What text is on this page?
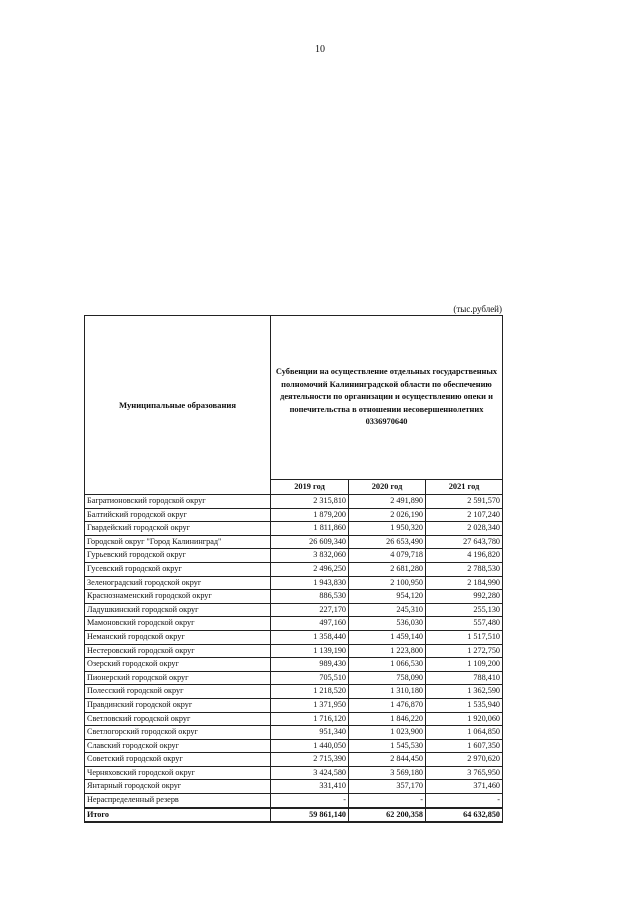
10
(тыс.рублей)
Муниципальные образования	Субвенции на осуществление отдельных государственных полномочий Калининградской области по обеспечению деятельности по организации и осуществлению опеки и попечительства в отношении несовершеннолетних 0336970640		
	2019 год	2020 год	2021 год
Багратионовский городской округ	2 315,810	2 491,890	2 591,570
Балтийский городской округ	1 879,200	2 026,190	2 107,240
Гвардейский городской округ	1 811,860	1 950,320	2 028,340
Городской округ "Город Калининград"	26 609,340	26 653,490	27 643,780
Гурьевский городской округ	3 832,060	4 079,718	4 196,820
Гусевский городской округ	2 496,250	2 681,280	2 788,530
Зеленоградский городской округ	1 943,830	2 100,950	2 184,990
Краснознаменский городской округ	886,530	954,120	992,280
Ладушкинский городской округ	227,170	245,310	255,130
Мамоновский городской округ	497,160	536,030	557,480
Неманский городской округ	1 358,440	1 459,140	1 517,510
Нестеровский городской округ	1 139,190	1 223,800	1 272,750
Озерский городской округ	989,430	1 066,530	1 109,200
Пионерский городской округ	705,510	758,090	788,410
Полесский городской округ	1 218,520	1 310,180	1 362,590
Правдинский городской округ	1 371,950	1 476,870	1 535,940
Светловский городской округ	1 716,120	1 846,220	1 920,060
Светлогорский городской округ	951,340	1 023,900	1 064,850
Славский городской округ	1 440,050	1 545,530	1 607,350
Советский городской округ	2 715,390	2 844,450	2 970,620
Черняховский городской округ	3 424,580	3 569,180	3 765,950
Янтарный городской округ	331,410	357,170	371,460
Нераспределенный резерв	-	-	-
Итого	59 861,140	62 200,358	64 632,850
